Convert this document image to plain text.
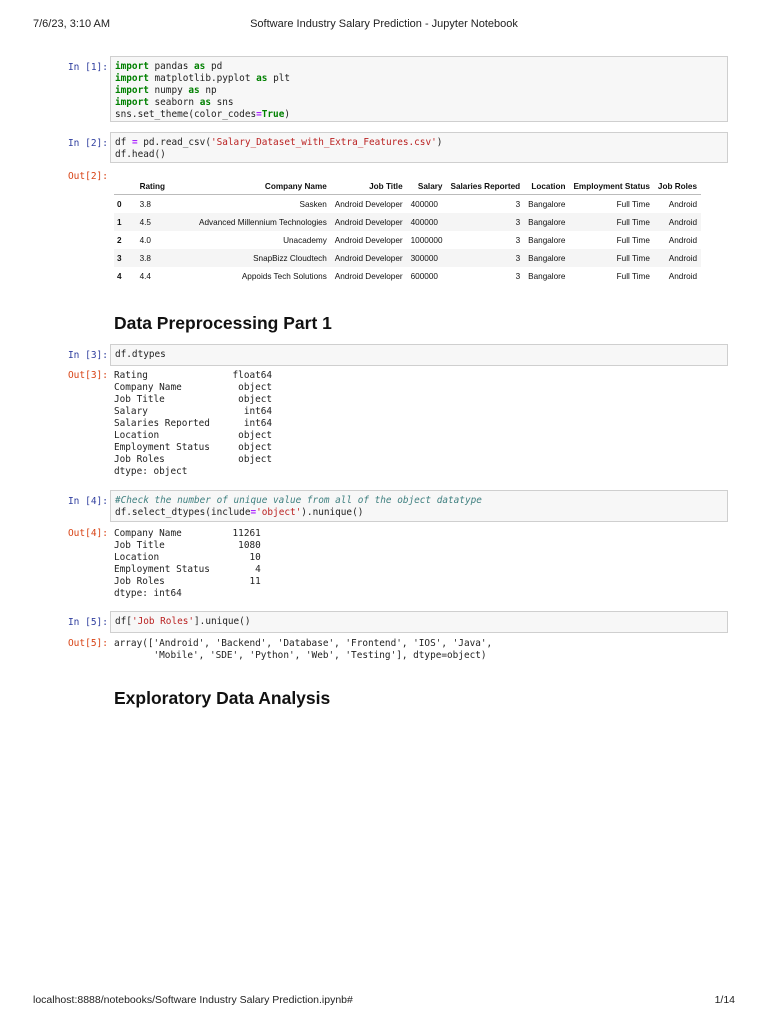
7/6/23, 3:10 AM	Software Industry Salary Prediction - Jupyter Notebook
In [1]: import pandas as pd
import matplotlib.pyplot as plt
import numpy as np
import seaborn as sns
sns.set_theme(color_codes=True)
In [2]: df = pd.read_csv('Salary_Dataset_with_Extra_Features.csv')
df.head()
Out[2]:
	Rating	Company Name	Job Title	Salary	Salaries Reported	Location	Employment Status	Job Roles
0	3.8	Sasken	Android Developer	400000	3	Bangalore	Full Time	Android
1	4.5	Advanced Millennium Technologies	Android Developer	400000	3	Bangalore	Full Time	Android
2	4.0	Unacademy	Android Developer	1000000	3	Bangalore	Full Time	Android
3	3.8	SnapBizz Cloudtech	Android Developer	300000	3	Bangalore	Full Time	Android
4	4.4	Appoids Tech Solutions	Android Developer	600000	3	Bangalore	Full Time	Android
Data Preprocessing Part 1
In [3]: df.dtypes
Out[3]: Rating               float64
Company Name          object
Job Title             object
Salary                 int64
Salaries Reported      int64
Location              object
Employment Status     object
Job Roles             object
dtype: object
In [4]: #Check the number of unique value from all of the object datatype
df.select_dtypes(include='object').nunique()
Out[4]: Company Name         11261
Job Title             1080
Location                10
Employment Status        4
Job Roles               11
dtype: int64
In [5]: df['Job Roles'].unique()
Out[5]: array(['Android', 'Backend', 'Database', 'Frontend', 'IOS', 'Java',
'Mobile', 'SDE', 'Python', 'Web', 'Testing'], dtype=object)
Exploratory Data Analysis
localhost:8888/notebooks/Software Industry Salary Prediction.ipynb#	1/14
